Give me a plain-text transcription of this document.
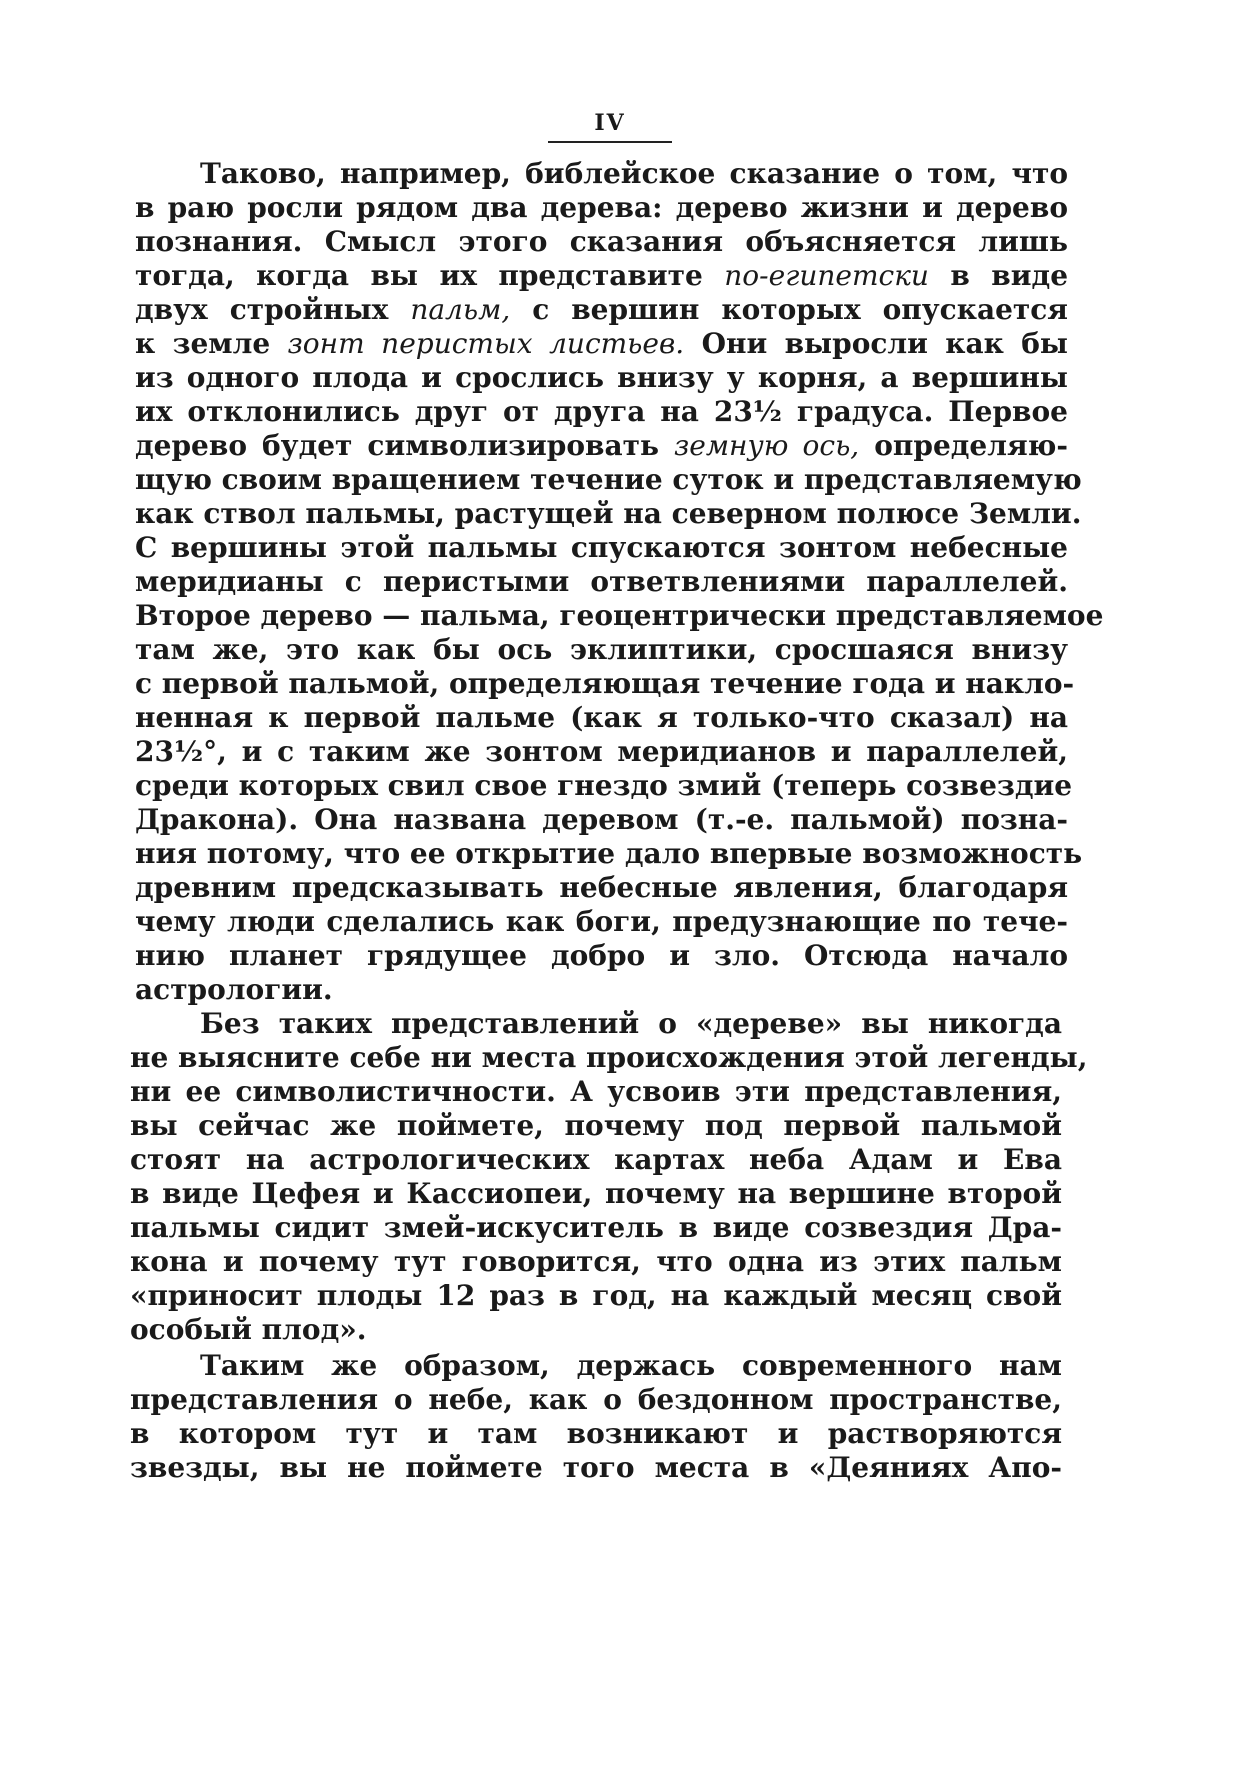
IV
Таково, например, библейское сказание о том, что
в раю росли рядом два дерева: дерево жизни и дерево
познания. Смысл этого сказания объясняется лишь
тогда, когда вы их представите по-египетски в виде
двух стройных пальм, с вершин которых опускается
к земле зонт перистых листьев. Они выросли как бы
из одного плода и срослись внизу у корня, а вершины
их отклонились друг от друга на 23½ градуса. Первое
дерево будет символизировать земную ось, определяю-
щую своим вращением течение суток и представляемую
как ствол пальмы, растущей на северном полюсе Земли.
С вершины этой пальмы спускаются зонтом небесные
меридианы с перистыми ответвлениями параллелей.
Второе дерево — пальма, геоцентрически представляемое
там же, это как бы ось эклиптики, сросшаяся внизу
с первой пальмой, определяющая течение года и накло-
ненная к первой пальме (как я только-что сказал) на
23½°, и с таким же зонтом меридианов и параллелей,
среди которых свил свое гнездо змий (теперь созвездие
Дракона). Она названа деревом (т.-е. пальмой) позна-
ния потому, что ее открытие дало впервые возможность
древним предсказывать небесные явления, благодаря
чему люди сделались как боги, предузнающие по тече-
нию планет грядущее добро и зло. Отсюда начало
астрологии.
Без таких представлений о «дереве» вы никогда
не выясните себе ни места происхождения этой легенды,
ни ее символистичности. А усвоив эти представления,
вы сейчас же поймете, почему под первой пальмой
стоят на астрологических картах неба Адам и Ева
в виде Цефея и Кассиопеи, почему на вершине второй
пальмы сидит змей-искуситель в виде созвездия Дра-
кона и почему тут говорится, что одна из этих пальм
«приносит плоды 12 раз в год, на каждый месяц свой
особый плод».
Таким же образом, держась современного нам
представления о небе, как о бездонном пространстве,
в котором тут и там возникают и растворяются
звезды, вы не поймете того места в «Деяниях Апо-
